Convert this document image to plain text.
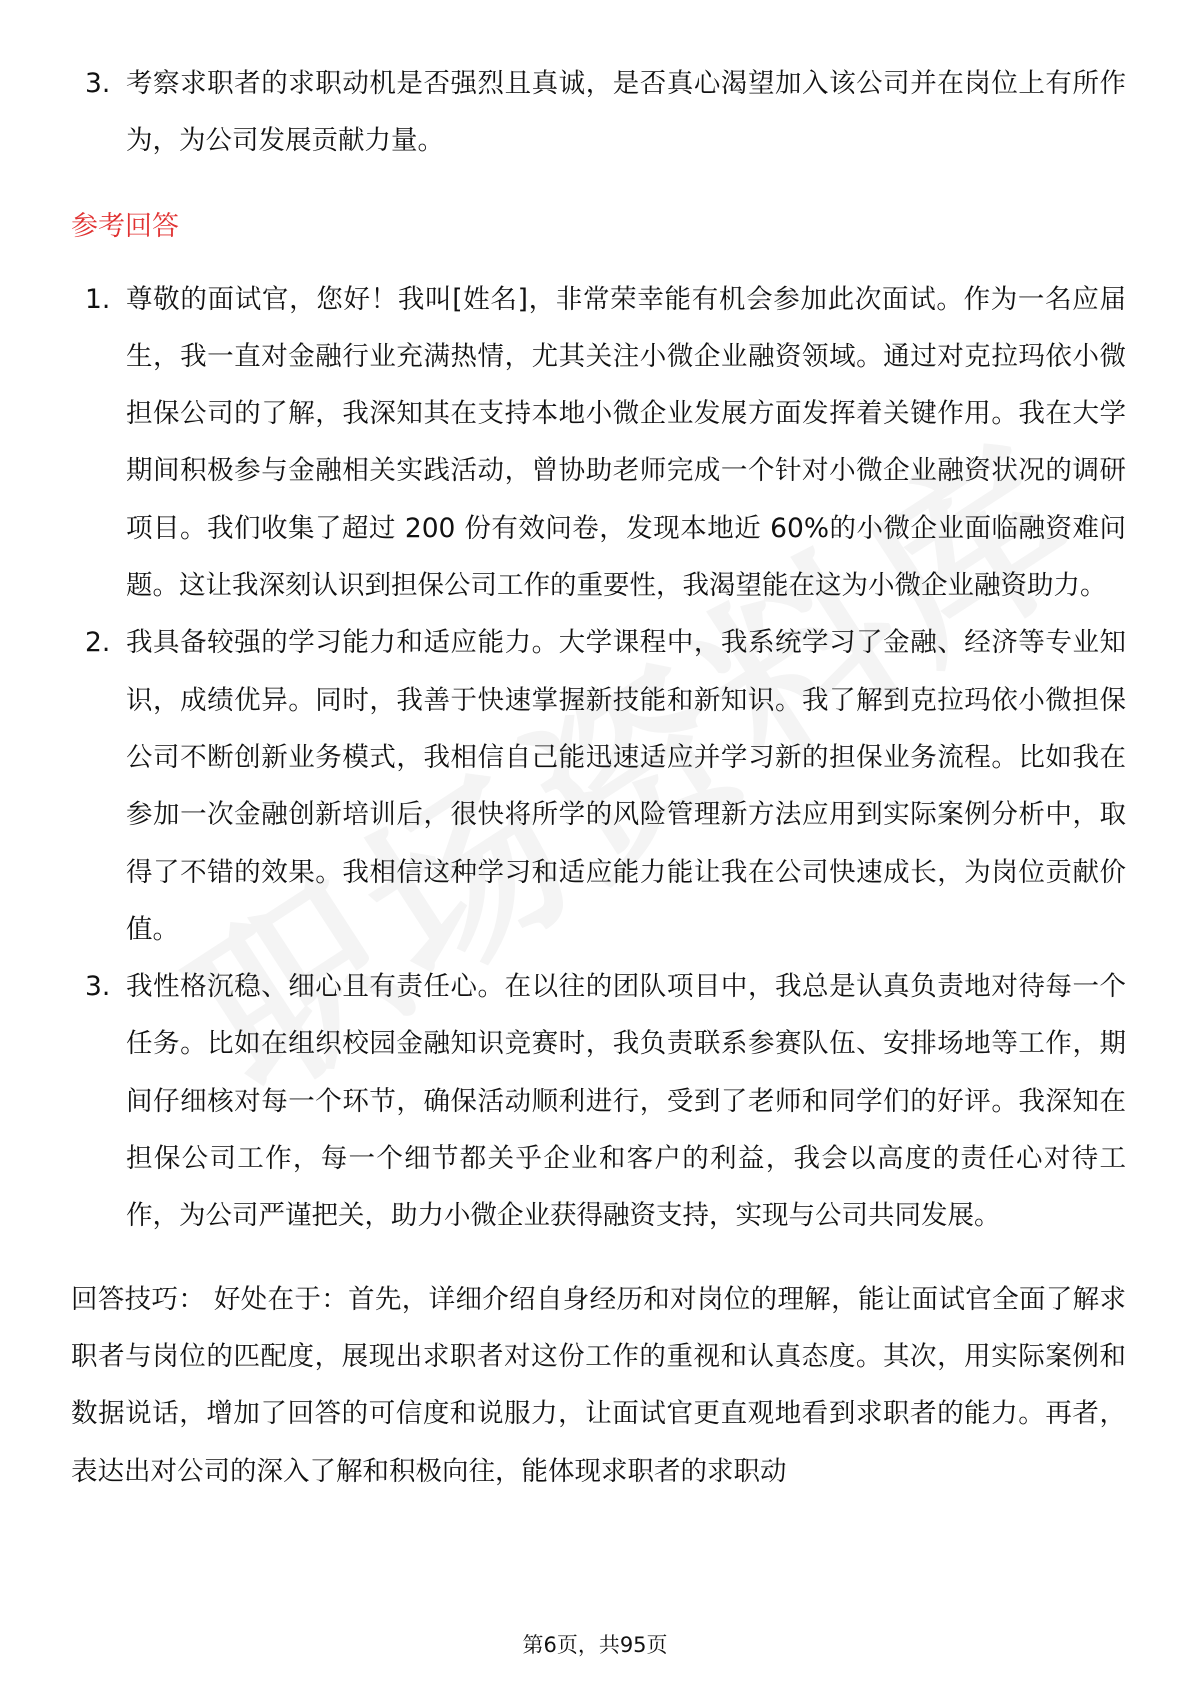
3. 考察求职者的求职动机是否强烈且真诚，是否真心渴望加入该公司并在岗位上有所作为，为公司发展贡献力量。
参考回答
1. 尊敬的面试官，您好！我叫[姓名]，非常荣幸能有机会参加此次面试。作为一名应届生，我一直对金融行业充满热情，尤其关注小微企业融资领域。通过对克拉玛依小微担保公司的了解，我深知其在支持本地小微企业发展方面发挥着关键作用。我在大学期间积极参与金融相关实践活动，曾协助老师完成一个针对小微企业融资状况的调研项目。我们收集了超过 200 份有效问卷，发现本地近 60%的小微企业面临融资难问题。这让我深刻认识到担保公司工作的重要性，我渴望能在这为小微企业融资助力。
2. 我具备较强的学习能力和适应能力。大学课程中，我系统学习了金融、经济等专业知识，成绩优异。同时，我善于快速掌握新技能和新知识。我了解到克拉玛依小微担保公司不断创新业务模式，我相信自己能迅速适应并学习新的担保业务流程。比如我在参加一次金融创新培训后，很快将所学的风险管理新方法应用到实际案例分析中，取得了不错的效果。我相信这种学习和适应能力能让我在公司快速成长，为岗位贡献价值。
3. 我性格沉稳、细心且有责任心。在以往的团队项目中，我总是认真负责地对待每一个任务。比如在组织校园金融知识竞赛时，我负责联系参赛队伍、安排场地等工作，期间仔细核对每一个环节，确保活动顺利进行，受到了老师和同学们的好评。我深知在担保公司工作，每一个细节都关乎企业和客户的利益，我会以高度的责任心对待工作，为公司严谨把关，助力小微企业获得融资支持，实现与公司共同发展。
回答技巧： 好处在于：首先，详细介绍自身经历和对岗位的理解，能让面试官全面了解求职者与岗位的匹配度，展现出求职者对这份工作的重视和认真态度。其次，用实际案例和数据说话，增加了回答的可信度和说服力，让面试官更直观地看到求职者的能力。再者，表达出对公司的深入了解和积极向往，能体现求职者的求职动
第6页，共95页
